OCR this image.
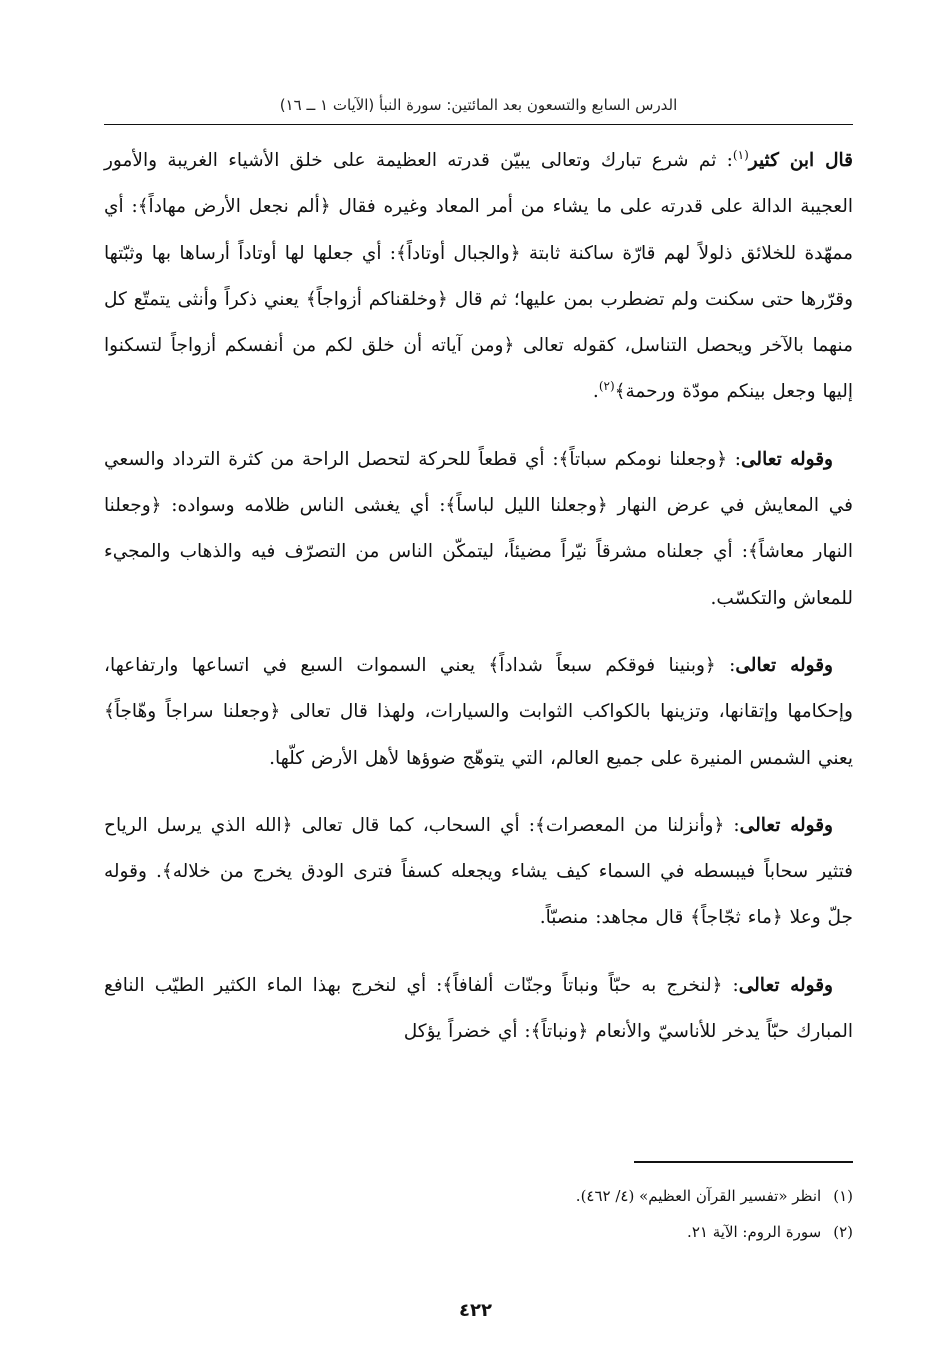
الدرس السابع والتسعون بعد المائتين: سورة النبأ (الآيات ١ ــ ١٦)

قال ابن كثير$^{(١)}$: ثم شرع تبارك وتعالى يبيّن قدرته العظيمة على خلق الأشياء الغريبة والأمور العجيبة الدالة على قدرته على ما يشاء من أمر المعاد وغيره فقال ﴿ألم نجعل الأرض مهاداً﴾: أي ممهّدة للخلائق ذلولاً لهم قارّة ساكنة ثابتة ﴿والجبال أوتاداً﴾: أي جعلها لها أوتاداً أرساها بها وثبّتها وقرّرها حتى سكنت ولم تضطرب بمن عليها؛ ثم قال ﴿وخلقناكم أزواجاً﴾ يعني ذكراً وأنثى يتمتّع كل منهما بالآخر ويحصل التناسل، كقوله تعالى ﴿ومن آياته أن خلق لكم من أنفسكم أزواجاً لتسكنوا إليها وجعل بينكم مودّة ورحمة﴾$^{(٢)}$.

وقوله تعالى: ﴿وجعلنا نومكم سباتاً﴾: أي قطعاً للحركة لتحصل الراحة من كثرة الترداد والسعي في المعايش في عرض النهار ﴿وجعلنا الليل لباساً﴾: أي يغشى الناس ظلامه وسواده: ﴿وجعلنا النهار معاشاً﴾: أي جعلناه مشرقاً نيّراً مضيئاً، ليتمكّن الناس من التصرّف فيه والذهاب والمجيء للمعاش والتكسّب.

وقوله تعالى: ﴿وبنينا فوقكم سبعاً شداداً﴾ يعني السموات السبع في اتساعها وارتفاعها، وإحكامها وإتقانها، وتزينها بالكواكب الثوابت والسيارات، ولهذا قال تعالى ﴿وجعلنا سراجاً وهّاجاً﴾ يعني الشمس المنيرة على جميع العالم، التي يتوهّج ضوؤها لأهل الأرض كلّها.

وقوله تعالى: ﴿وأنزلنا من المعصرات﴾: أي السحاب، كما قال تعالى ﴿الله الذي يرسل الرياح فتثير سحاباً فيبسطه في السماء كيف يشاء ويجعله كسفاً فترى الودق يخرج من خلاله﴾. وقوله جلّ وعلا ﴿ماء ثجّاجاً﴾ قال مجاهد: منصبّاً.

وقوله تعالى: ﴿لنخرج به حبّاً ونباتاً وجنّات ألفافاً﴾: أي لنخرج بهذا الماء الكثير الطيّب النافع المبارك حبّاً يدخر للأناسيّ والأنعام ﴿ونباتاً﴾: أي خضراً يؤكل

(١)انظر «تفسير القرآن العظيم» (٤/ ٤٦٢).
(٢)سورة الروم: الآية ٢١.
٤٢٢
